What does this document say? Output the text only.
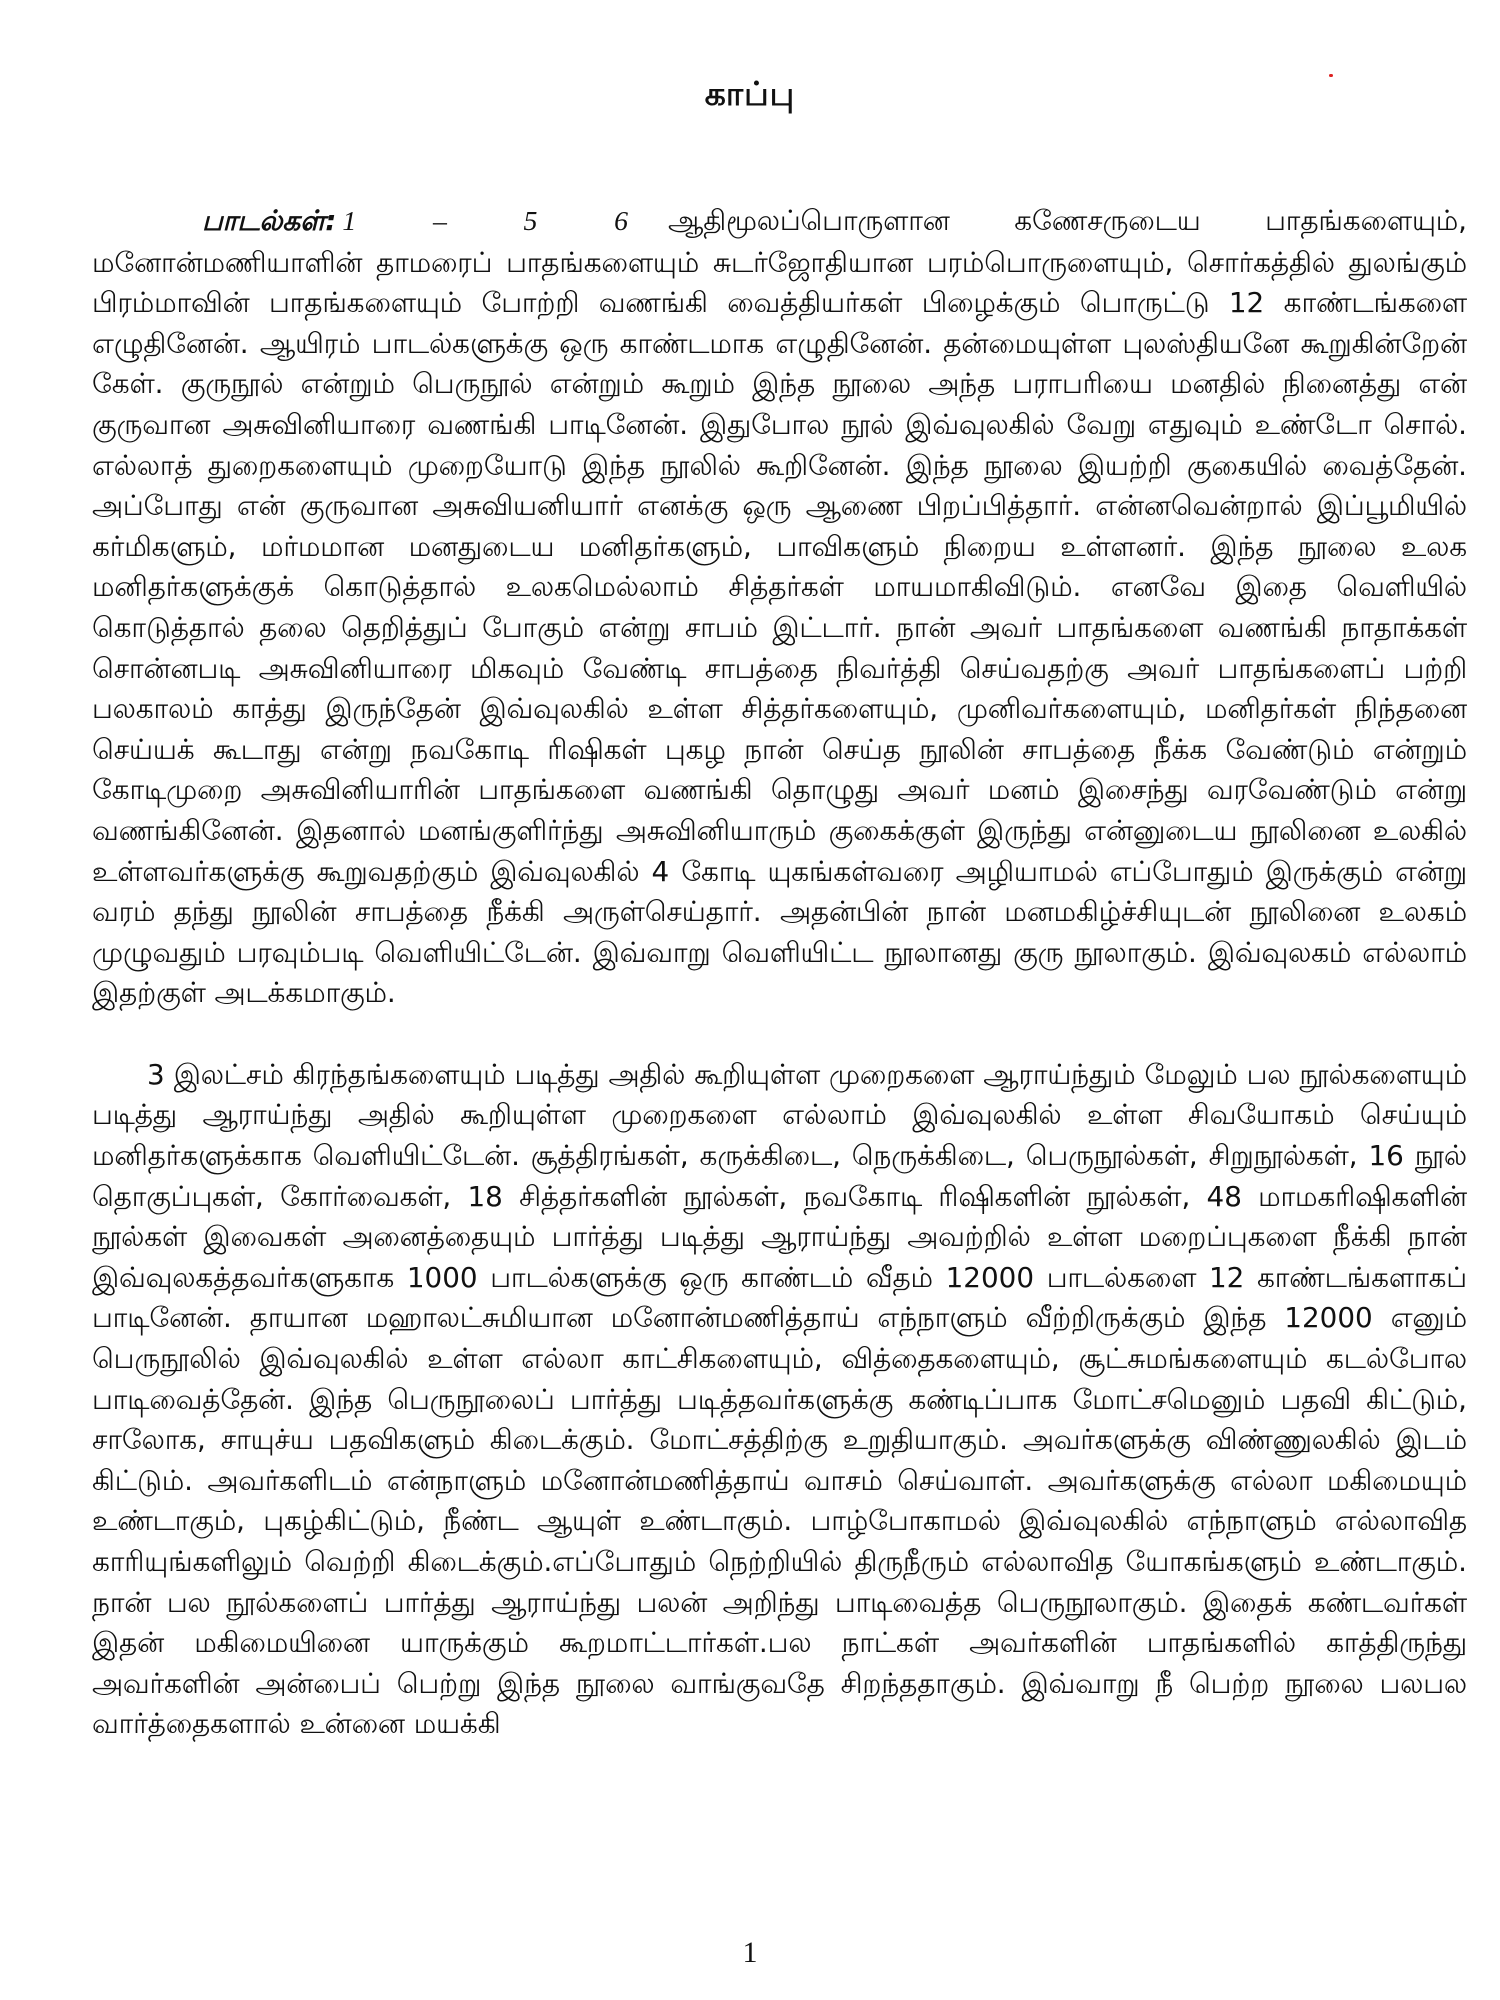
காப்பு

பாடல்கள்: 1 – 5 6 ஆதிமூலப்பொருளான கணேசருடைய பாதங்களையும், மனோன்மணியாளின் தாமரைப் பாதங்களையும் சுடர்ஜோதியான பரம்பொருளையும், சொர்கத்தில் துலங்கும் பிரம்மாவின் பாதங்களையும் போற்றி வணங்கி வைத்தியர்கள் பிழைக்கும் பொருட்டு 12 காண்டங்களை எழுதினேன். ஆயிரம் பாடல்களுக்கு ஒரு காண்டமாக எழுதினேன். தன்மையுள்ள புலஸ்தியனே கூறுகின்றேன் கேள். குருநூல் என்றும் பெருநூல் என்றும் கூறும் இந்த நூலை அந்த பராபரியை மனதில் நினைத்து என் குருவான அசுவினியாரை வணங்கி பாடினேன். இதுபோல நூல் இவ்வுலகில் வேறு எதுவும் உண்டோ சொல். எல்லாத் துறைகளையும் முறையோடு இந்த நூலில் கூறினேன். இந்த நூலை இயற்றி குகையில் வைத்தேன். அப்போது என் குருவான அசுவியனியார் எனக்கு ஒரு ஆணை பிறப்பித்தார். என்னவென்றால் இப்பூமியில் கர்மிகளும், மர்மமான மனதுடைய மனிதர்களும், பாவிகளும் நிறைய உள்ளனர். இந்த நூலை உலக மனிதர்களுக்குக் கொடுத்தால் உலகமெல்லாம் சித்தர்கள் மாயமாகிவிடும். எனவே இதை வெளியில் கொடுத்தால் தலை தெறித்துப் போகும் என்று சாபம் இட்டார். நான் அவர் பாதங்களை வணங்கி நாதாக்கள் சொன்னபடி அசுவினியாரை மிகவும் வேண்டி சாபத்தை நிவர்த்தி செய்வதற்கு அவர் பாதங்களைப் பற்றி பலகாலம் காத்து இருந்தேன் இவ்வுலகில் உள்ள சித்தர்களையும், முனிவர்களையும், மனிதர்கள் நிந்தனை செய்யக் கூடாது என்று நவகோடி ரிஷிகள் புகழ நான் செய்த நூலின் சாபத்தை நீக்க வேண்டும் என்றும் கோடிமுறை அசுவினியாரின் பாதங்களை வணங்கி தொழுது அவர் மனம் இசைந்து வரவேண்டும் என்று வணங்கினேன். இதனால் மனங்குளிர்ந்து அசுவினியாரும் குகைக்குள் இருந்து என்னுடைய நூலினை உலகில் உள்ளவர்களுக்கு கூறுவதற்கும் இவ்வுலகில் 4 கோடி யுகங்கள்வரை அழியாமல் எப்போதும் இருக்கும் என்று வரம் தந்து நூலின் சாபத்தை நீக்கி அருள்செய்தார். அதன்பின் நான் மனமகிழ்ச்சியுடன் நூலினை உலகம் முழுவதும் பரவும்படி வெளியிட்டேன். இவ்வாறு வெளியிட்ட நூலானது குரு நூலாகும். இவ்வுலகம் எல்லாம் இதற்குள் அடக்கமாகும்.

3 இலட்சம் கிரந்தங்களையும் படித்து அதில் கூறியுள்ள முறைகளை ஆராய்ந்தும் மேலும் பல நூல்களையும் படித்து ஆராய்ந்து அதில் கூறியுள்ள முறைகளை எல்லாம் இவ்வுலகில் உள்ள சிவயோகம் செய்யும் மனிதர்களுக்காக வெளியிட்டேன். சூத்திரங்கள், கருக்கிடை, நெருக்கிடை, பெருநூல்கள், சிறுநூல்கள், 16 நூல் தொகுப்புகள், கோர்வைகள், 18 சித்தர்களின் நூல்கள், நவகோடி ரிஷிகளின் நூல்கள், 48 மாமகரிஷிகளின் நூல்கள் இவைகள் அனைத்தையும் பார்த்து படித்து ஆராய்ந்து அவற்றில் உள்ள மறைப்புகளை நீக்கி நான் இவ்வுலகத்தவர்களுகாக 1000 பாடல்களுக்கு ஒரு காண்டம் வீதம் 12000 பாடல்களை 12 காண்டங்களாகப் பாடினேன். தாயான மஹாலட்சுமியான மனோன்மணித்தாய் எந்நாளும் வீற்றிருக்கும் இந்த 12000 எனும் பெருநூலில் இவ்வுலகில் உள்ள எல்லா காட்சிகளையும், வித்தைகளையும், சூட்சுமங்களையும் கடல்போல பாடிவைத்தேன். இந்த பெருநூலைப் பார்த்து படித்தவர்களுக்கு கண்டிப்பாக மோட்சமெனும் பதவி கிட்டும், சாலோக, சாயுச்ய பதவிகளும் கிடைக்கும். மோட்சத்திற்கு உறுதியாகும். அவர்களுக்கு விண்ணுலகில் இடம் கிட்டும். அவர்களிடம் என்நாளும் மனோன்மணித்தாய் வாசம் செய்வாள். அவர்களுக்கு எல்லா மகிமையும் உண்டாகும், புகழ்கிட்டும், நீண்ட ஆயுள் உண்டாகும். பாழ்போகாமல் இவ்வுலகில் எந்நாளும் எல்லாவித காரியுங்களிலும் வெற்றி கிடைக்கும்.எப்போதும் நெற்றியில் திருநீரும் எல்லாவித யோகங்களும் உண்டாகும். நான் பல நூல்களைப் பார்த்து ஆராய்ந்து பலன் அறிந்து பாடிவைத்த பெருநூலாகும். இதைக் கண்டவர்கள் இதன் மகிமையினை யாருக்கும் கூறமாட்டார்கள்.பல நாட்கள் அவர்களின் பாதங்களில் காத்திருந்து அவர்களின் அன்பைப் பெற்று இந்த நூலை வாங்குவதே சிறந்ததாகும். இவ்வாறு நீ பெற்ற நூலை பலபல வார்த்தைகளால் உன்னை மயக்கி

1
